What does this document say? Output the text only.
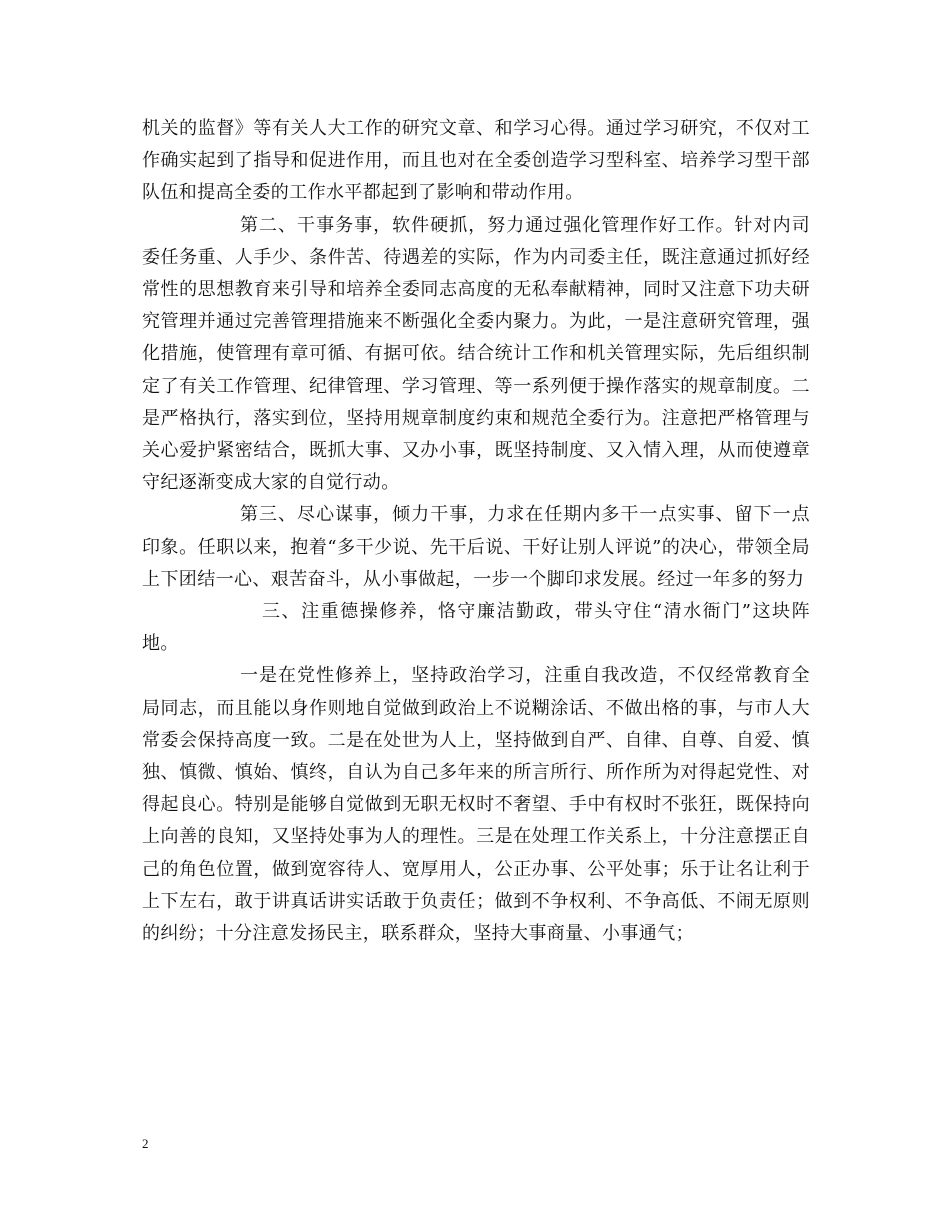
机关的监督》等有关人大工作的研究文章、和学习心得。通过学习研究，不仅对工作确实起到了指导和促进作用，而且也对在全委创造学习型科室、培养学习型干部队伍和提高全委的工作水平都起到了影响和带动作用。

第二、干事务事，软件硬抓，努力通过强化管理作好工作。针对内司委任务重、人手少、条件苦、待遇差的实际，作为内司委主任，既注意通过抓好经常性的思想教育来引导和培养全委同志高度的无私奉献精神，同时又注意下功夫研究管理并通过完善管理措施来不断强化全委内聚力。为此，一是注意研究管理，强化措施，使管理有章可循、有据可依。结合统计工作和机关管理实际，先后组织制定了有关工作管理、纪律管理、学习管理、等一系列便于操作落实的规章制度。二是严格执行，落实到位，坚持用规章制度约束和规范全委行为。注意把严格管理与关心爱护紧密结合，既抓大事、又办小事，既坚持制度、又入情入理，从而使遵章守纪逐渐变成大家的自觉行动。

第三、尽心谋事，倾力干事，力求在任期内多干一点实事、留下一点印象。任职以来，抱着“多干少说、先干后说、干好让别人评说”的决心，带领全局上下团结一心、艰苦奋斗，从小事做起，一步一个脚印求发展。经过一年多的努力

三、注重德操修养，恪守廉洁勤政，带头守住“清水衙门”这块阵地。

一是在党性修养上，坚持政治学习，注重自我改造，不仅经常教育全局同志，而且能以身作则地自觉做到政治上不说糊涂话、不做出格的事，与市人大常委会保持高度一致。二是在处世为人上，坚持做到自严、自律、自尊、自爱、慎独、慎微、慎始、慎终，自认为自己多年来的所言所行、所作所为对得起党性、对得起良心。特别是能够自觉做到无职无权时不奢望、手中有权时不张狂，既保持向上向善的良知，又坚持处事为人的理性。三是在处理工作关系上，十分注意摆正自己的角色位置，做到宽容待人、宽厚用人，公正办事、公平处事；乐于让名让利于上下左右，敢于讲真话讲实话敢于负责任；做到不争权利、不争高低、不闹无原则的纠纷；十分注意发扬民主，联系群众，坚持大事商量、小事通气；

2
